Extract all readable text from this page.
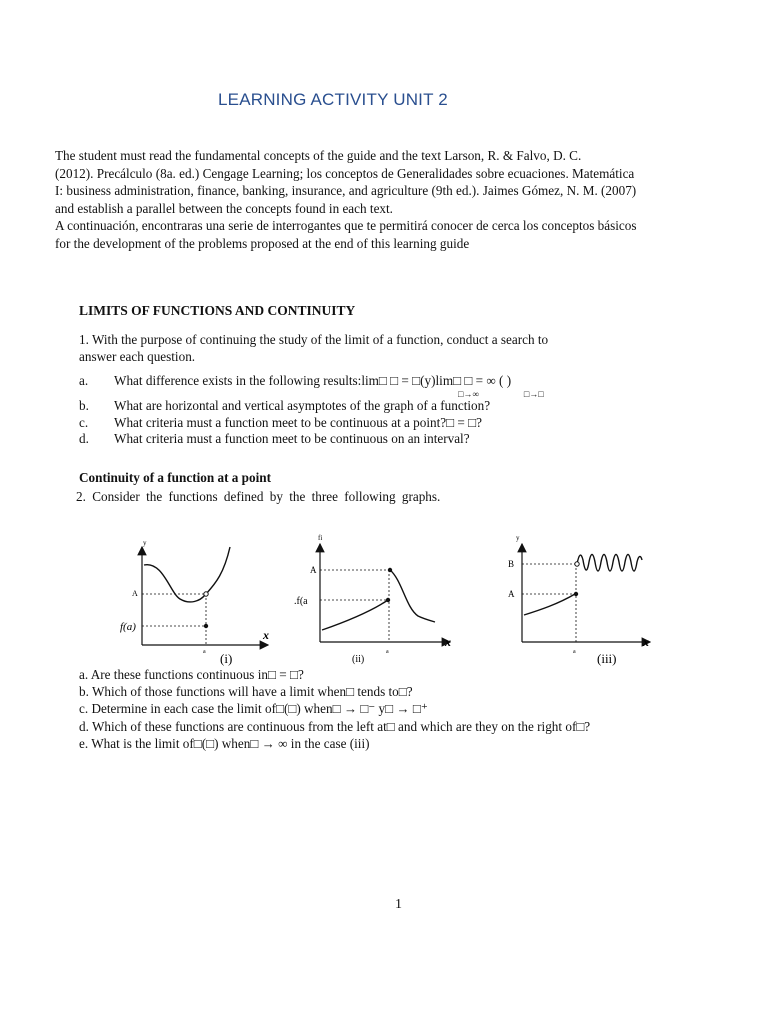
LEARNING ACTIVITY UNIT 2
The student must read the fundamental concepts of the guide and the text Larson, R. & Falvo, D. C.
(2012). Precálculo (8a. ed.) Cengage Learning; los conceptos de Generalidades sobre ecuaciones. Matemática
I: business administration, finance, banking, insurance, and agriculture (9th ed.). Jaimes Gómez, N. M. (2007)
and establish a parallel between the concepts found in each text.
A continuación, encontraras una serie de interrogantes que te permitirá conocer de cerca los conceptos básicos
for the development of the problems proposed at the end of this learning guide
LIMITS OF FUNCTIONS AND CONTINUITY
1. With the purpose of continuing the study of the limit of a function, conduct a search to
answer each question.
a. What difference exists in the following results:lim□ □ = □(y)lim□ □ = ∞ ( )
□→∞                    □→□
b. What are horizontal and vertical asymptotes of the graph of a function?
c. What criteria must a function meet to be continuous at a point?□ = □?
d. What criteria must a function meet to be continuous on an interval?
Continuity of a function at a point
2. Consider the functions defined by the three following graphs.
y
x
A
f(a)
a (i)
fi
x
A
.f(a
a
(ii)
y
x
B
A
a (iii)
a. Are these functions continuous in□ = □?
b. Which of those functions will have a limit when□ tends to□?
c. Determine in each case the limit of□(□) when□ → □⁻ y□ → □⁺
d. Which of these functions are continuous from the left at□ and which are they on the right of□?
e. What is the limit of□(□) when□ → ∞ in the case (iii)
1
